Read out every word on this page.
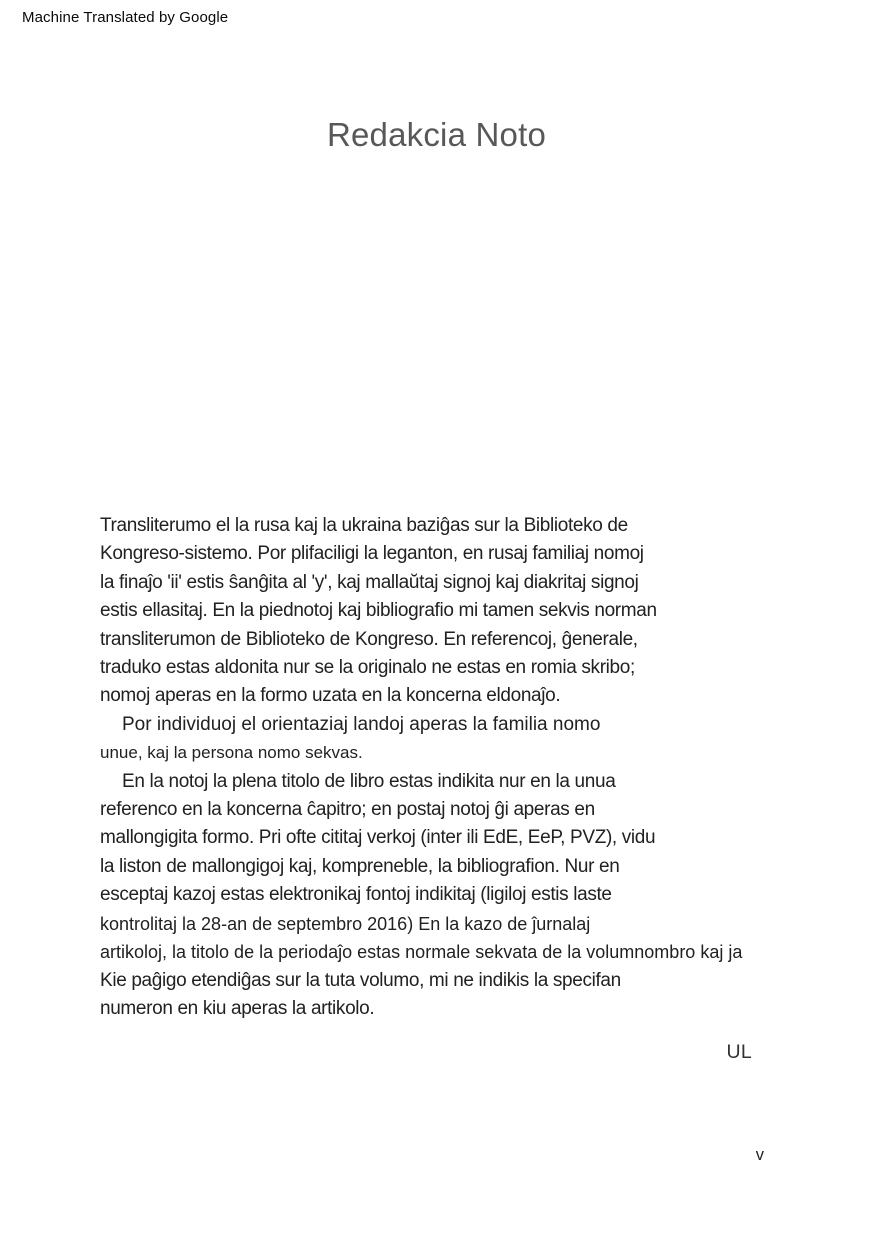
Machine Translated by Google
Redakcia Noto
Transliterumo el la rusa kaj la ukraina baziĝas sur la Biblioteko de
Kongreso-sistemo. Por plifaciligi la leganton, en rusaj familiaj nomoj
la finaĵo 'ii' estis ŝanĝita al 'y', kaj mallaŭtaj signoj kaj diakritaj signoj
estis ellasitaj. En la piednotoj kaj bibliografio mi tamen sekvis norman
transliterumon de Biblioteko de Kongreso. En referencoj, ĝenerale,
traduko estas aldonita nur se la originalo ne estas en romia skribo;
nomoj aperas en la formo uzata en la koncerna eldonaĵo.
Por individuoj el orientaziaj landoj aperas la familia nomo
unue, kaj la persona nomo sekvas.
En la notoj la plena titolo de libro estas indikita nur en la unua
referenco en la koncerna ĉapitro; en postaj notoj ĝi aperas en
mallongigita formo. Pri ofte cititaj verkoj (inter ili EdE, EeP, PVZ), vidu
la liston de mallongigoj kaj, kompreneble, la bibliografion. Nur en
esceptaj kazoj estas elektronikaj fontoj indikitaj (ligiloj estis laste
kontrolitaj la 28-an de septembro 2016) En la kazo de ĵurnalaj
artikoloj, la titolo de la periodaĵo estas normale sekvata de la volumnombro kaj ja
Kie paĝigo etendiĝas sur la tuta volumo, mi ne indikis la specifan
numeron en kiu aperas la artikolo.
UL
v
